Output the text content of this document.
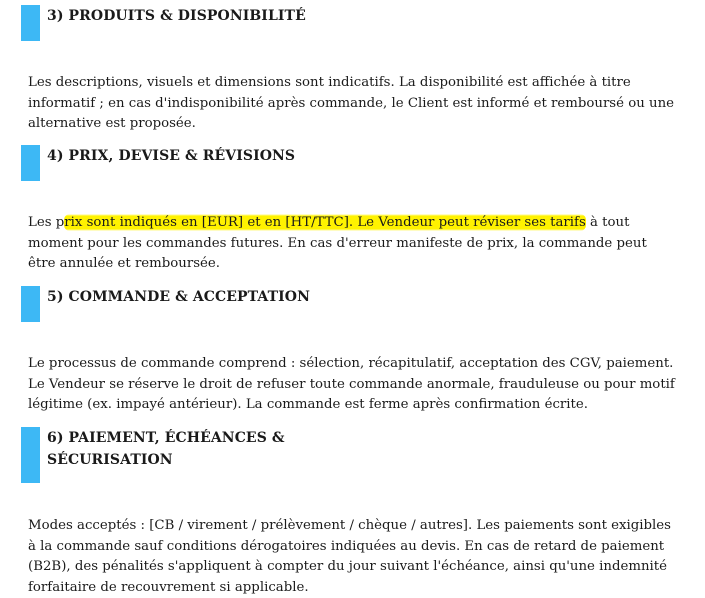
3) PRODUITS & DISPONIBILITÉ

Les descriptions, visuels et dimensions sont indicatifs. La disponibilité est affichée à titre informatif ; en cas d'indisponibilité après commande, le Client est informé et remboursé ou une alternative est proposée.

4) PRIX, DEVISE & RÉVISIONS

Les prix sont indiqués en [EUR] et en [HT/TTC]. Le Vendeur peut réviser ses tarifs à tout moment pour les commandes futures. En cas d'erreur manifeste de prix, la commande peut être annulée et remboursée.

5) COMMANDE & ACCEPTATION

Le processus de commande comprend : sélection, récapitulatif, acceptation des CGV, paiement. Le Vendeur se réserve le droit de refuser toute commande anormale, frauduleuse ou pour motif légitime (ex. impayé antérieur). La commande est ferme après confirmation écrite.

6) PAIEMENT, ÉCHÉANCES &
SÉCURISATION

Modes acceptés : [CB / virement / prélèvement / chèque / autres]. Les paiements sont exigibles à la commande sauf conditions dérogatoires indiquées au devis. En cas de retard de paiement (B2B), des pénalités s'appliquent à compter du jour suivant l'échéance, ainsi qu'une indemnité forfaitaire de recouvrement si applicable.
